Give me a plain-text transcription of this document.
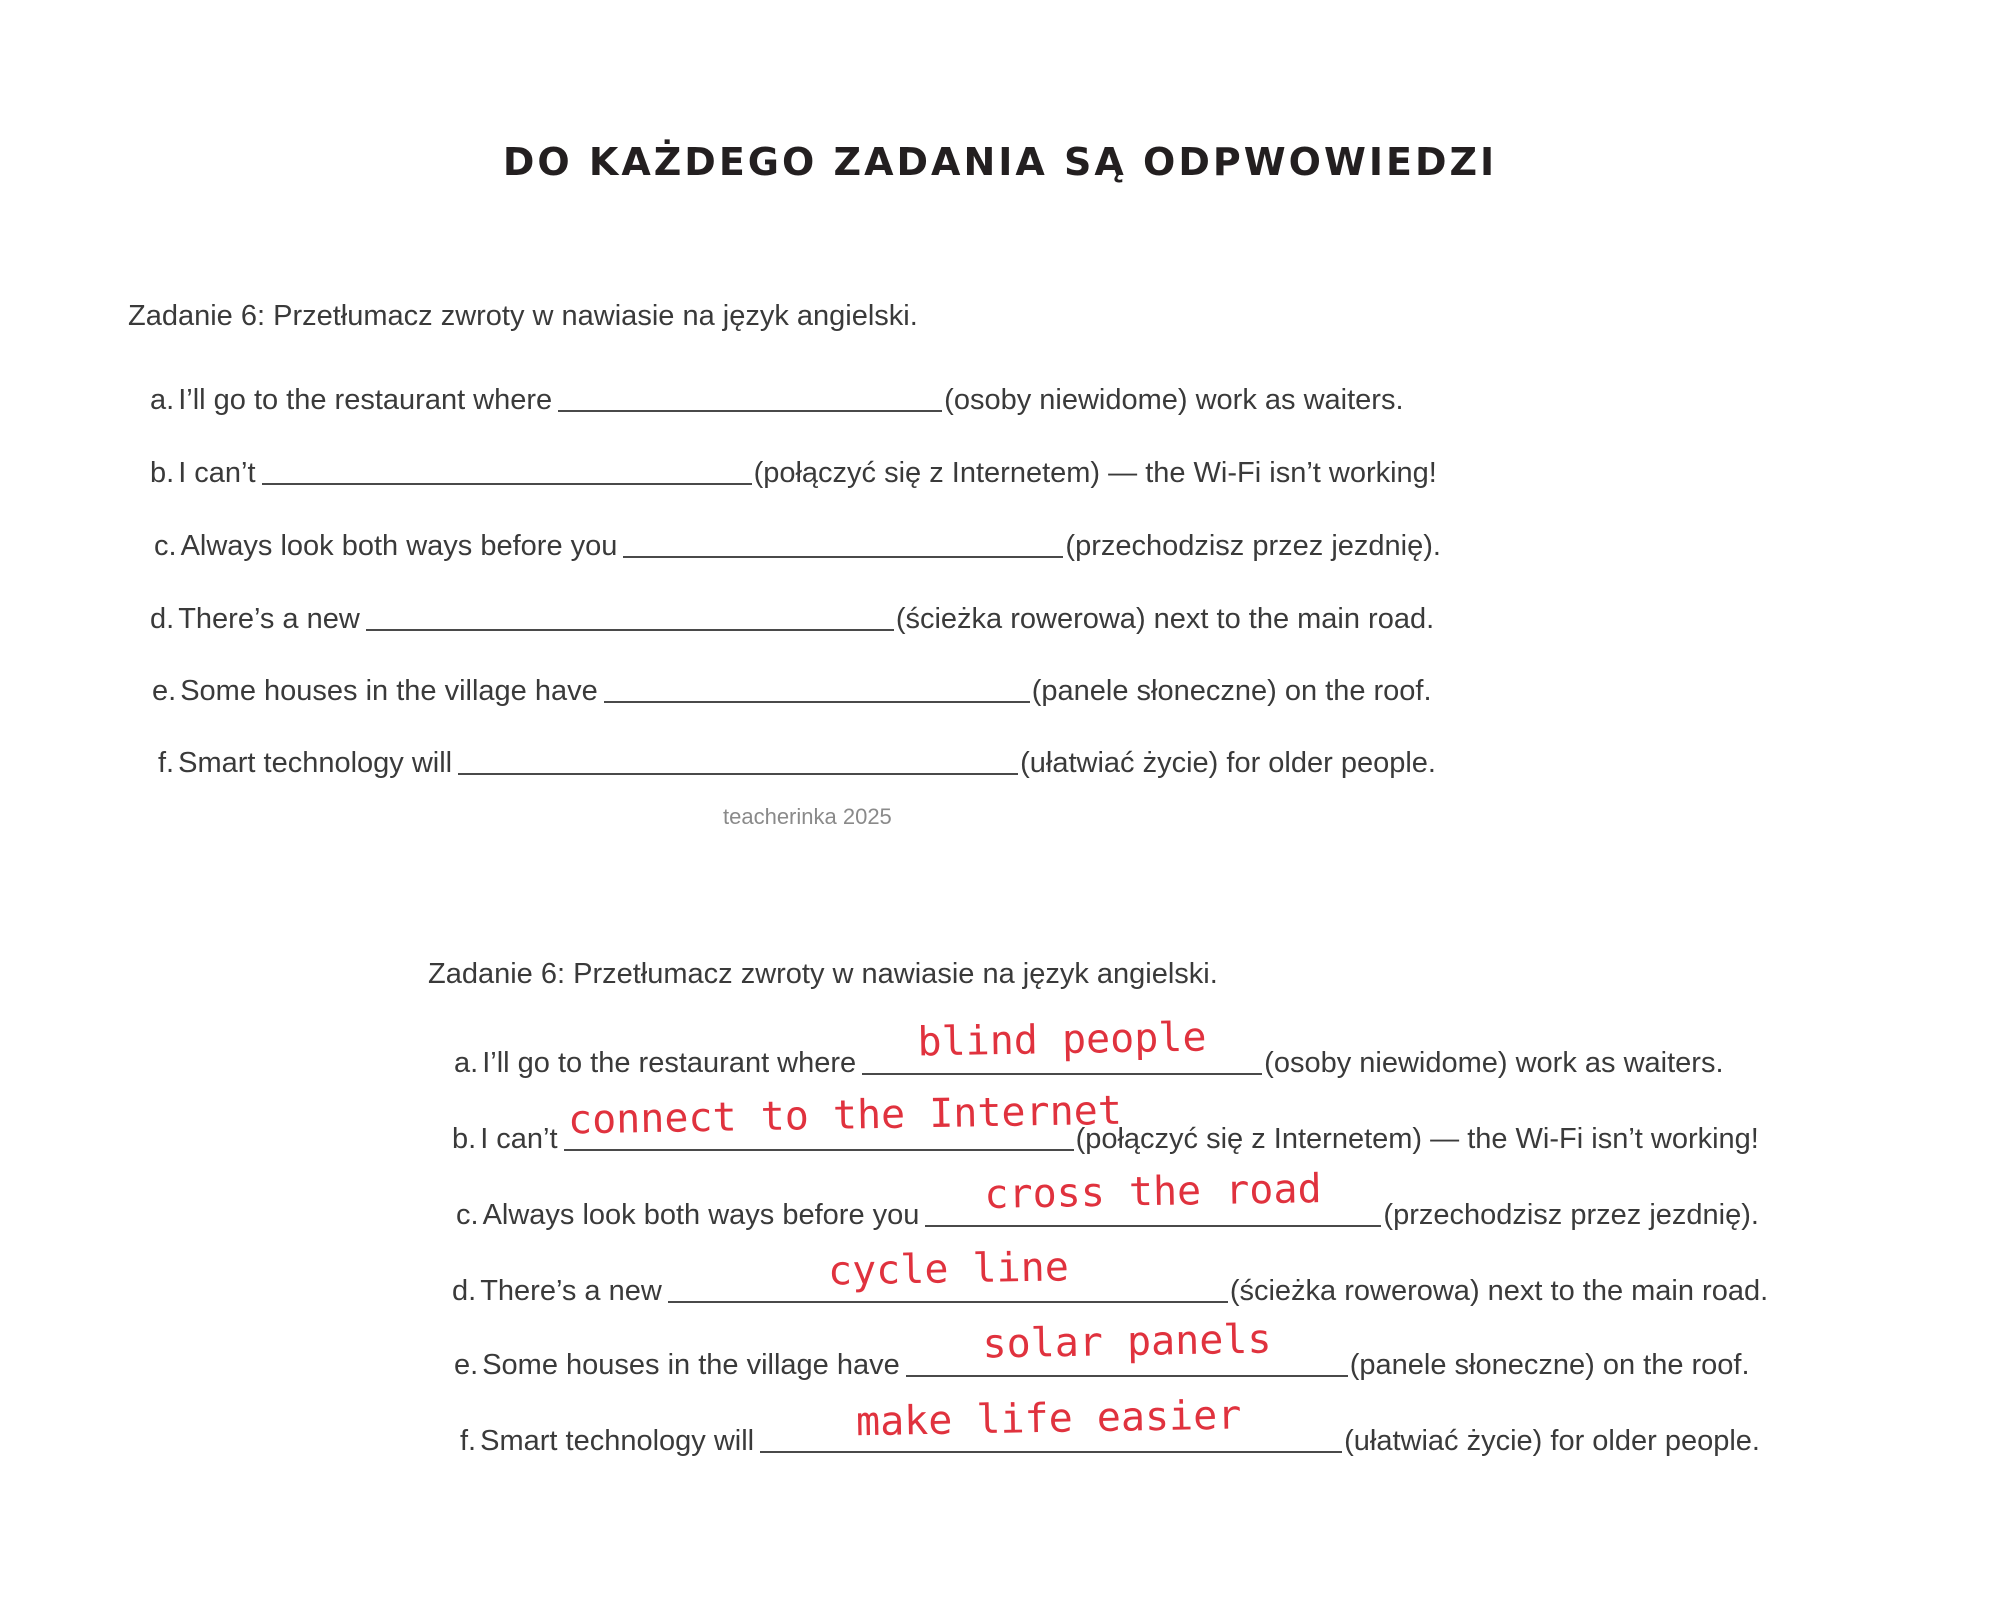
DO KAŻDEGO ZADANIA SĄ ODPWOWIEDZI
Zadanie 6: Przetłumacz zwroty w nawiasie na język angielski.
a. I’ll go to the restaurant where	(osoby niewidome) work as waiters.
b. I can’t	(połączyć się z Internetem) — the Wi-Fi isn’t working!
c. Always look both ways before you	(przechodzisz przez jezdnię).
d. There’s a new	(ścieżka rowerowa) next to the main road.
e. Some houses in the village have	(panele słoneczne) on the roof.
f. Smart technology will	(ułatwiać życie) for older people.
teacherinka 2025
Zadanie 6: Przetłumacz zwroty w nawiasie na język angielski.
a. I’ll go to the restaurant where	blind people	(osoby niewidome) work as waiters.
b. I can’t connect to the Internet
(połączyć się z Internetem) — the Wi-Fi isn’t working!
c. Always look both ways before you	cross the road	(przechodzisz przez jezdnię).
d. There’s a new	cycle line	(ścieżka rowerowa) next to the main road.
e. Some houses in the village have	solar panels	(panele słoneczne) on the roof.
f. Smart technology will	make life easier	(ułatwiać życie) for older people.
